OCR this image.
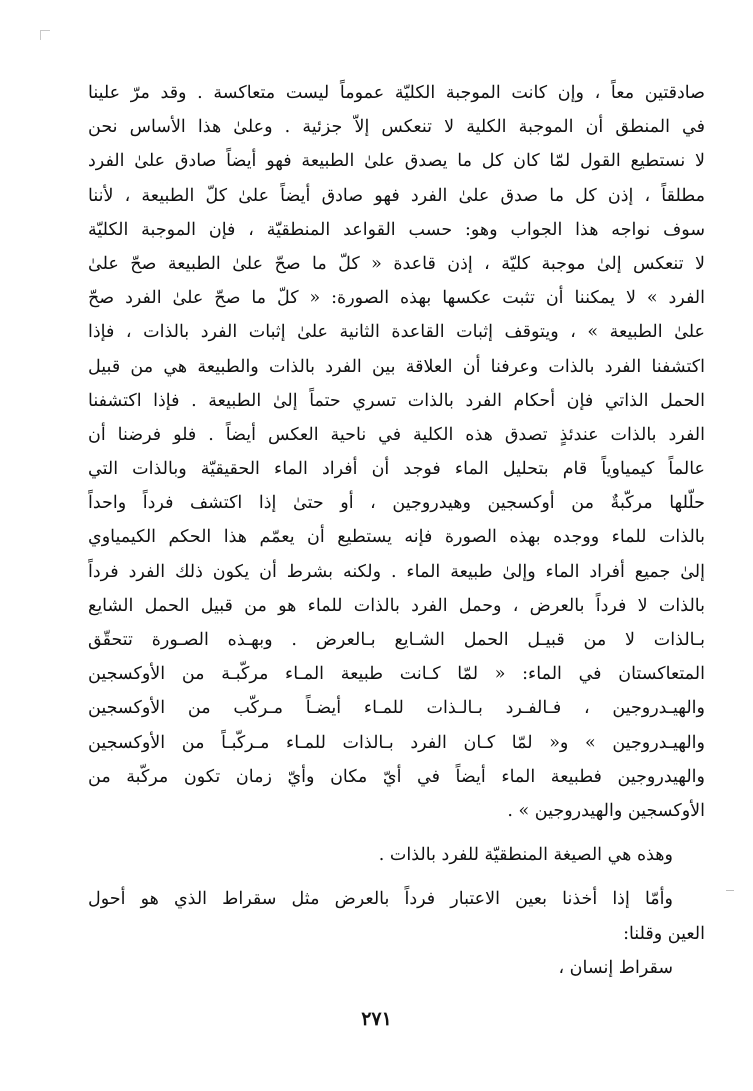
صادقتين معاً ، وإن كانت الموجبة الكليّة عموماً ليست متعاكسة . وقد مرّ علينا
في المنطق أن الموجبة الكلية لا تنعكس إلاّ جزئية . وعلىٰ هذا الأساس نحن
لا نستطيع القول لمّا كان كل ما يصدق علىٰ الطبيعة فهو أيضاً صادق علىٰ الفرد
مطلقاً ، إذن كل ما صدق علىٰ الفرد فهو صادق أيضاً علىٰ كلّ الطبيعة ، لأننا
سوف نواجه هذا الجواب وهو: حسب القواعد المنطقيّة ، فإن الموجبة الكليّة
لا تنعكس إلىٰ موجبة كليّة ، إذن قاعدة « كلّ ما صحّ علىٰ الطبيعة صحّ علىٰ
الفرد » لا يمكننا أن تثبت عكسها بهذه الصورة: « كلّ ما صحّ علىٰ الفرد صحّ
علىٰ الطبيعة » ، ويتوقف إثبات القاعدة الثانية علىٰ إثبات الفرد بالذات ، فإذا
اكتشفنا الفرد بالذات وعرفنا أن العلاقة بين الفرد بالذات والطبيعة هي من قبيل
الحمل الذاتي فإن أحكام الفرد بالذات تسري حتماً إلىٰ الطبيعة . فإذا اكتشفنا
الفرد بالذات عندئذٍ تصدق هذه الكلية في ناحية العكس أيضاً . فلو فرضنا أن
عالماً كيمياوياً قام بتحليل الماء فوجد أن أفراد الماء الحقيقيّة وبالذات التي
حلّلها مركّبةٌ من أوكسجين وهيدروجين ، أو حتىٰ إذا اكتشف فرداً واحداً
بالذات للماء ووجده بهذه الصورة فإنه يستطيع أن يعمّم هذا الحكم الكيمياوي
إلىٰ جميع أفراد الماء وإلىٰ طبيعة الماء . ولكنه بشرط أن يكون ذلك الفرد فرداً
بالذات لا فرداً بالعرض ، وحمل الفرد بالذات للماء هو من قبيل الحمل الشايع
بـالذات لا من قبيـل الحمل الشـايع بـالعرض . وبهـذه الصـورة تتحقّق
المتعاكستان في الماء: « لمّا كـانت طبيعة المـاء مركّبـة من الأوكسجين
والهيـدروجين ، فـالفـرد بـالـذات للمـاء أيضـاً مـركّب من الأوكسجين
والهيـدروجين » و« لمّا كـان الفرد بـالذات للمـاء مـركّبـاً من الأوكسجين
والهيدروجين فطبيعة الماء أيضاً في أيّ مكان وأيّ زمان تكون مركّبة من
الأوكسجين والهيدروجين » .
وهذه هي الصيغة المنطقيّة للفرد بالذات .
وأمّا إذا أخذنا بعين الاعتبار فرداً بالعرض مثل سقراط الذي هو أحول
العين وقلنا:
سقراط إنسان ،
٢٧١
